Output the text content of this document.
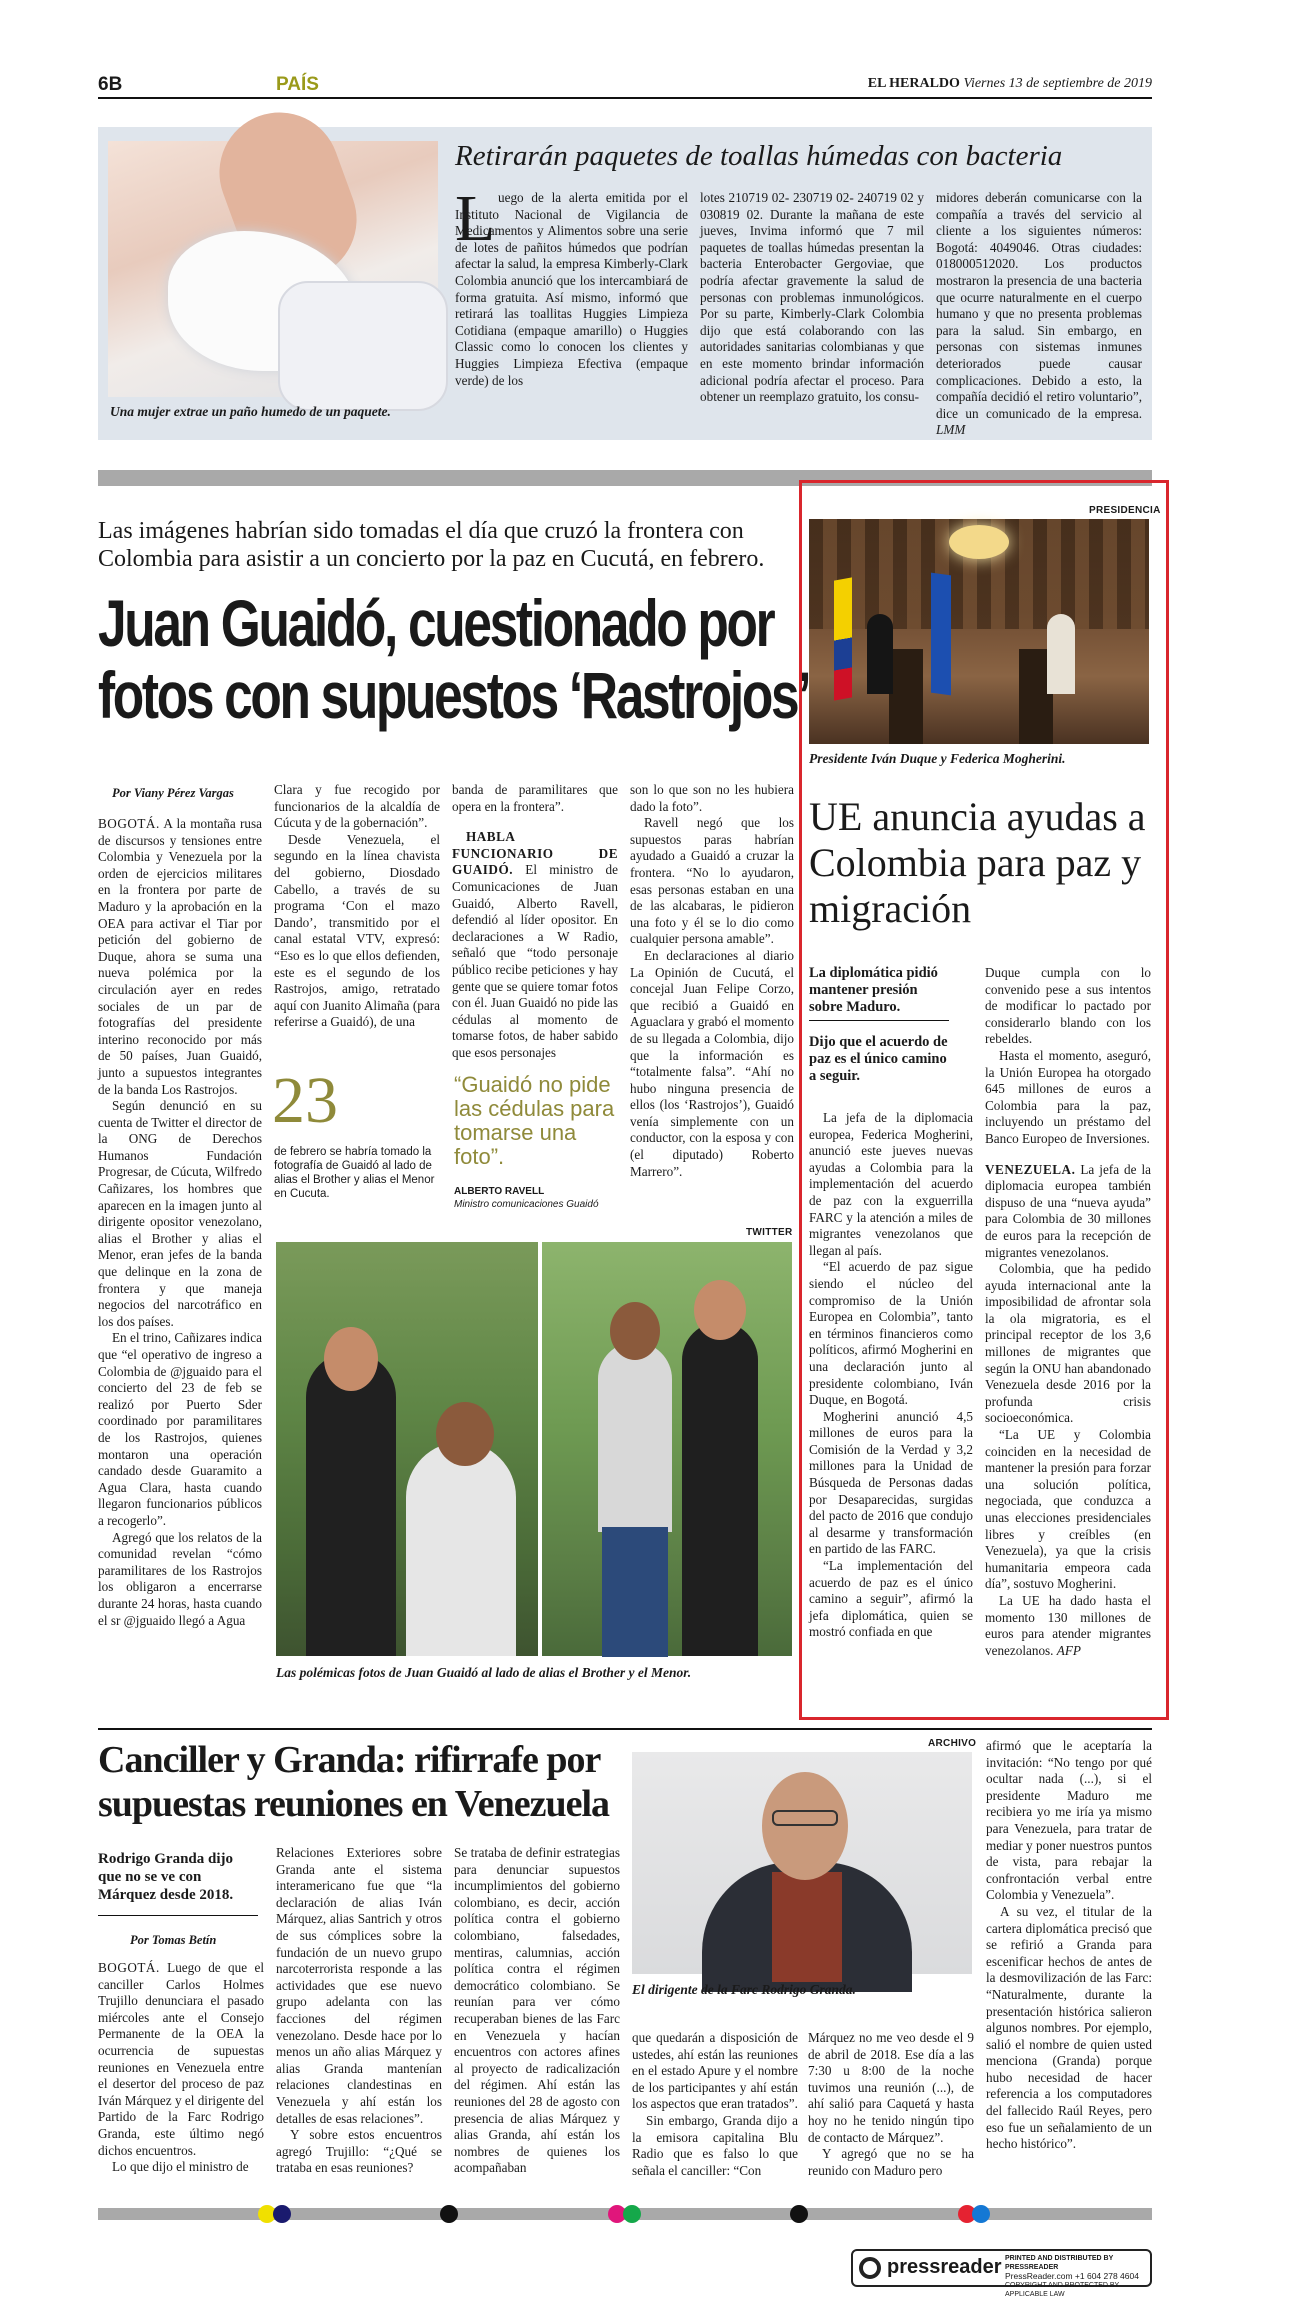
6B	PAÍS	EL HERALDO Viernes 13 de septiembre de 2019
Una mujer extrae un paño humedo de un paquete.
Retirarán paquetes de toallas húmedas con bacteria
L uego de la alerta emitida por el Instituto Nacional de Vigilancia de Medicamentos y Alimentos sobre una serie de lotes de pañitos húmedos que podrían afectar la salud, la empresa Kimberly-Clark Colombia anunció que los intercambiará de forma gratuita. Así mismo, informó que retirará las toallitas Huggies Limpieza Cotidiana (empaque amarillo) o Huggies Classic como lo conocen los clientes y Huggies Limpieza Efectiva (empaque verde) de los

lotes 210719 02- 230719 02- 240719 02 y 030819 02. Durante la mañana de este jueves, Invima informó que 7 mil paquetes de toallas húmedas presentan la bacteria Enterobacter Gergoviae, que podría afectar gravemente la salud de personas con problemas inmunológicos. Por su parte, Kimberly-Clark Colombia dijo que está colaborando con las autoridades sanitarias colombianas y que en este momento brindar información adicional podría afectar el proceso. Para obtener un reemplazo gratuito, los consu-

midores deberán comunicarse con la compañía a través del servicio al cliente a los siguientes números: Bogotá: 4049046. Otras ciudades: 018000512020. Los productos mostraron la presencia de una bacteria que ocurre naturalmente en el cuerpo humano y que no presenta problemas para la salud. Sin embargo, en personas con sistemas inmunes deteriorados puede causar complicaciones. Debido a esto, la compañía decidió el retiro voluntario”, dice un comunicado de la empresa. LMM

Las imágenes habrían sido tomadas el día que cruzó la frontera con Colombia para asistir a un concierto por la paz en Cucutá, en febrero.
Juan Guaidó, cuestionado por
fotos con supuestos ‘Rastrojos’
Por Viany Pérez Vargas

BOGOTÁ. A la montaña rusa de discursos y tensiones entre Colombia y Venezuela por la orden de ejercicios militares en la frontera por parte de Maduro y la aprobación en la OEA para activar el Tiar por petición del gobierno de Duque, ahora se suma una nueva polémica por la circulación ayer en redes sociales de un par de fotografías del presidente interino reconocido por más de 50 países, Juan Guaidó, junto a supuestos integrantes de la banda Los Rastrojos.

Según denunció en su cuenta de Twitter el director de la ONG de Derechos Humanos Fundación Progresar, de Cúcuta, Wilfredo Cañizares, los hombres que aparecen en la imagen junto al dirigente opositor venezolano, alias el Brother y alias el Menor, eran jefes de la banda que delinque en la zona de frontera y que maneja negocios del narcotráfico en los dos países.

En el trino, Cañizares indica que “el operativo de ingreso a Colombia de @jguaido para el concierto del 23 de feb se realizó por Puerto Sder coordinado por paramilitares de los Rastrojos, quienes montaron una operación candado desde Guaramito a Agua Clara, hasta cuando llegaron funcionarios públicos a recogerlo”.

Agregó que los relatos de la comunidad revelan “cómo paramilitares de los Rastrojos los obligaron a encerrarse durante 24 horas, hasta cuando el sr @jguaido llegó a Agua

Clara y fue recogido por funcionarios de la alcaldía de Cúcuta y de la gobernación”.

Desde Venezuela, el segundo en la línea chavista del gobierno, Diosdado Cabello, a través de su programa ‘Con el mazo Dando’, transmitido por el canal estatal VTV, expresó: “Eso es lo que ellos defienden, este es el segundo de los Rastrojos, amigo, retratado aquí con Juanito Alimaña (para referirse a Guaidó), de una

banda de paramilitares que opera en la frontera”.

HABLA FUNCIONARIO DE GUAIDÓ. El ministro de Comunicaciones de Juan Guaidó, Alberto Ravell, defendió al líder opositor. En declaraciones a W Radio, señaló que “todo personaje público recibe peticiones y hay gente que se quiere tomar fotos con él. Juan Guaidó no pide las cédulas al momento de tomarse fotos, de haber sabido que esos personajes

son lo que son no les hubiera dado la foto”.

Ravell negó que los supuestos paras habrían ayudado a Guaidó a cruzar la frontera. “No lo ayudaron, esas personas estaban en una de las alcabaras, le pidieron una foto y él se lo dio como cualquier persona amable”.

En declaraciones al diario La Opinión de Cucutá, el concejal Juan Felipe Corzo, que recibió a Guaidó en Aguaclara y grabó el momento de su llegada a Colombia, dijo que la información es “totalmente falsa”. “Ahí no hubo ninguna presencia de ellos (los ‘Rastrojos’), Guaidó venía simplemente con un conductor, con la esposa y con (el diputado) Roberto Marrero”.

23
de febrero se habría tomado la fotografía de Guaidó al lado de alias el Brother y alias el Menor en Cucuta.
“Guaidó no pide las cédulas para tomarse una foto”.
ALBERTO RAVELL
Ministro comunicaciones Guaidó
TWITTER
Las polémicas fotos de Juan Guaidó al lado de alias el Brother y el Menor.
PRESIDENCIA
Presidente Iván Duque y Federica Mogherini.
UE anuncia ayudas a Colombia para paz y migración
La diplomática pidió mantener presión sobre Maduro.
Dijo que el acuerdo de paz es el único camino a seguir.

La jefa de la diplomacia europea, Federica Mogherini, anunció este jueves nuevas ayudas a Colombia para la implementación del acuerdo de paz con la exguerrilla FARC y la atención a miles de migrantes venezolanos que llegan al país.

“El acuerdo de paz sigue siendo el núcleo del compromiso de la Unión Europea en Colombia”, tanto en términos financieros como políticos, afirmó Mogherini en una declaración junto al presidente colombiano, Iván Duque, en Bogotá.

Mogherini anunció 4,5 millones de euros para la Comisión de la Verdad y 3,2 millones para la Unidad de Búsqueda de Personas dadas por Desaparecidas, surgidas del pacto de 2016 que condujo al desarme y transformación en partido de las FARC.

“La implementación del acuerdo de paz es el único camino a seguir”, afirmó la jefa diplomática, quien se mostró confiada en que

Duque cumpla con lo convenido pese a sus intentos de modificar lo pactado por considerarlo blando con los rebeldes.

Hasta el momento, aseguró, la Unión Europea ha otorgado 645 millones de euros a Colombia para la paz, incluyendo un préstamo del Banco Europeo de Inversiones.

VENEZUELA. La jefa de la diplomacia europea también dispuso de una “nueva ayuda” para Colombia de 30 millones de euros para la recepción de migrantes venezolanos.

Colombia, que ha pedido ayuda internacional ante la imposibilidad de afrontar sola la ola migratoria, es el principal receptor de los 3,6 millones de migrantes que según la ONU han abandonado Venezuela desde 2016 por la profunda crisis socioeconómica.

“La UE y Colombia coinciden en la necesidad de mantener la presión para forzar una solución política, negociada, que conduzca a unas elecciones presidenciales libres y creíbles (en Venezuela), ya que la crisis humanitaria empeora cada día”, sostuvo Mogherini.

La UE ha dado hasta el momento 130 millones de euros para atender migrantes venezolanos. AFP

Canciller y Granda: rifirrafe por supuestas reuniones en Venezuela
Rodrigo Granda dijo que no se ve con Márquez desde 2018.
Por Tomas Betín

BOGOTÁ. Luego de que el canciller Carlos Holmes Trujillo denunciara el pasado miércoles ante el Consejo Permanente de la OEA la ocurrencia de supuestas reuniones en Venezuela entre el desertor del proceso de paz Iván Márquez y el dirigente del Partido de la Farc Rodrigo Granda, este último negó dichos encuentros.

Lo que dijo el ministro de

Relaciones Exteriores sobre Granda ante el sistema interamericano fue que “la declaración de alias Iván Márquez, alias Santrich y otros de sus cómplices sobre la fundación de un nuevo grupo narcoterrorista responde a las actividades que ese nuevo grupo adelanta con las facciones del régimen venezolano. Desde hace por lo menos un año alias Márquez y alias Granda mantenían relaciones clandestinas en Venezuela y ahí están los detalles de esas relaciones”.

Y sobre estos encuentros agregó Trujillo: “¿Qué se trataba en esas reuniones?

Se trataba de definir estrategias para denunciar supuestos incumplimientos del gobierno colombiano, es decir, acción política contra el gobierno colombiano, falsedades, mentiras, calumnias, acción política contra el régimen democrático colombiano. Se reunían para ver cómo recuperaban bienes de las Farc en Venezuela y hacían encuentros con actores afines al proyecto de radicalización del régimen. Ahí están las reuniones del 28 de agosto con presencia de alias Márquez y alias Granda, ahí están los nombres de quienes los acompañaban

ARCHIVO
El dirigente de la Farc Rodrigo Granda.

que quedarán a disposición de ustedes, ahí están las reuniones en el estado Apure y el nombre de los participantes y ahí están los aspectos que eran tratados”.

Sin embargo, Granda dijo a la emisora capitalina Blu Radio que es falso lo que señala el canciller: “Con

Márquez no me veo desde el 9 de abril de 2018. Ese día a las 7:30 u 8:00 de la noche tuvimos una reunión (...), de ahí salió para Caquetá y hasta hoy no he tenido ningún tipo de contacto de Márquez”.

Y agregó que no se ha reunido con Maduro pero

afirmó que le aceptaría la invitación: “No tengo por qué ocultar nada (...), si el presidente Maduro me recibiera yo me iría ya mismo para Venezuela, para tratar de mediar y poner nuestros puntos de vista, para rebajar la confrontación verbal entre Colombia y Venezuela”.

A su vez, el titular de la cartera diplomática precisó que se refirió a Granda para escenificar hechos de antes de la desmovilización de las Farc: “Naturalmente, durante la presentación histórica salieron algunos nombres. Por ejemplo, salió el nombre de quien usted menciona (Granda) porque hubo necesidad de hacer referencia a los computadores del fallecido Raúl Reyes, pero eso fue un señalamiento de un hecho histórico”.

pressreader PRINTED AND DISTRIBUTED BY PRESSREADER
PressReader.com +1 604 278 4604
COPYRIGHT AND PROTECTED BY APPLICABLE LAW
